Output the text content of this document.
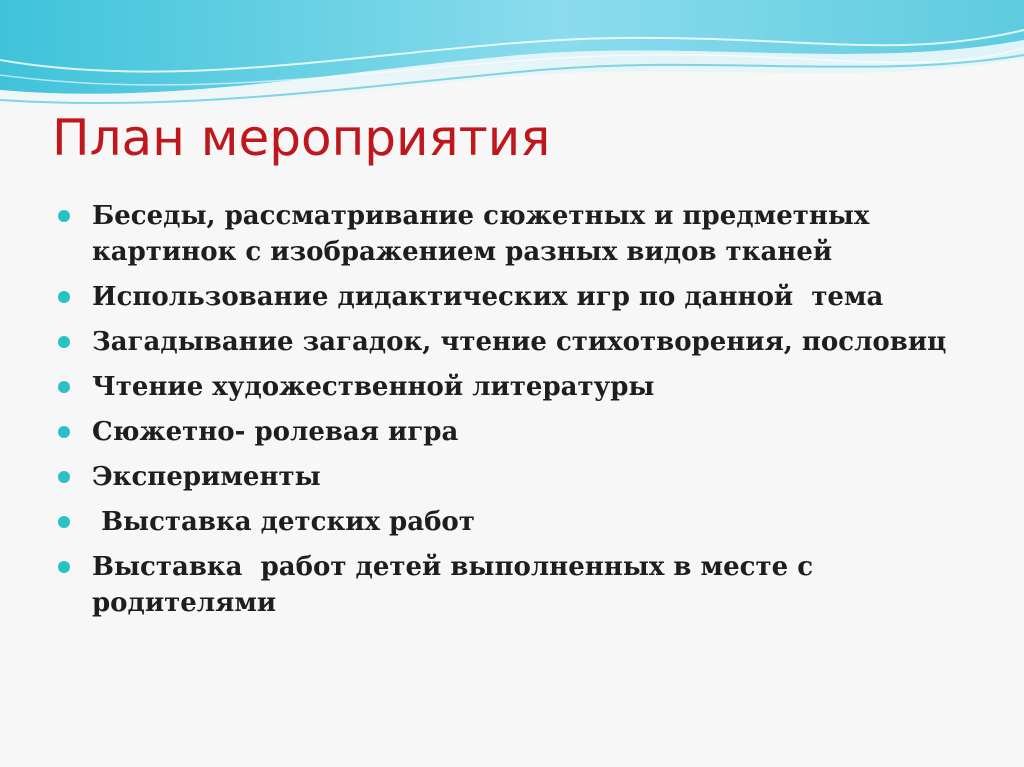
План мероприятия
Беседы, рассматривание сюжетных и предметных картинок с изображением разных видов тканей
Использование дидактических игр по данной  тема
Загадывание загадок, чтение стихотворения, пословиц
Чтение художественной литературы
Сюжетно- ролевая игра
Эксперименты
Выставка детских работ
Выставка  работ детей выполненных в месте с родителями
